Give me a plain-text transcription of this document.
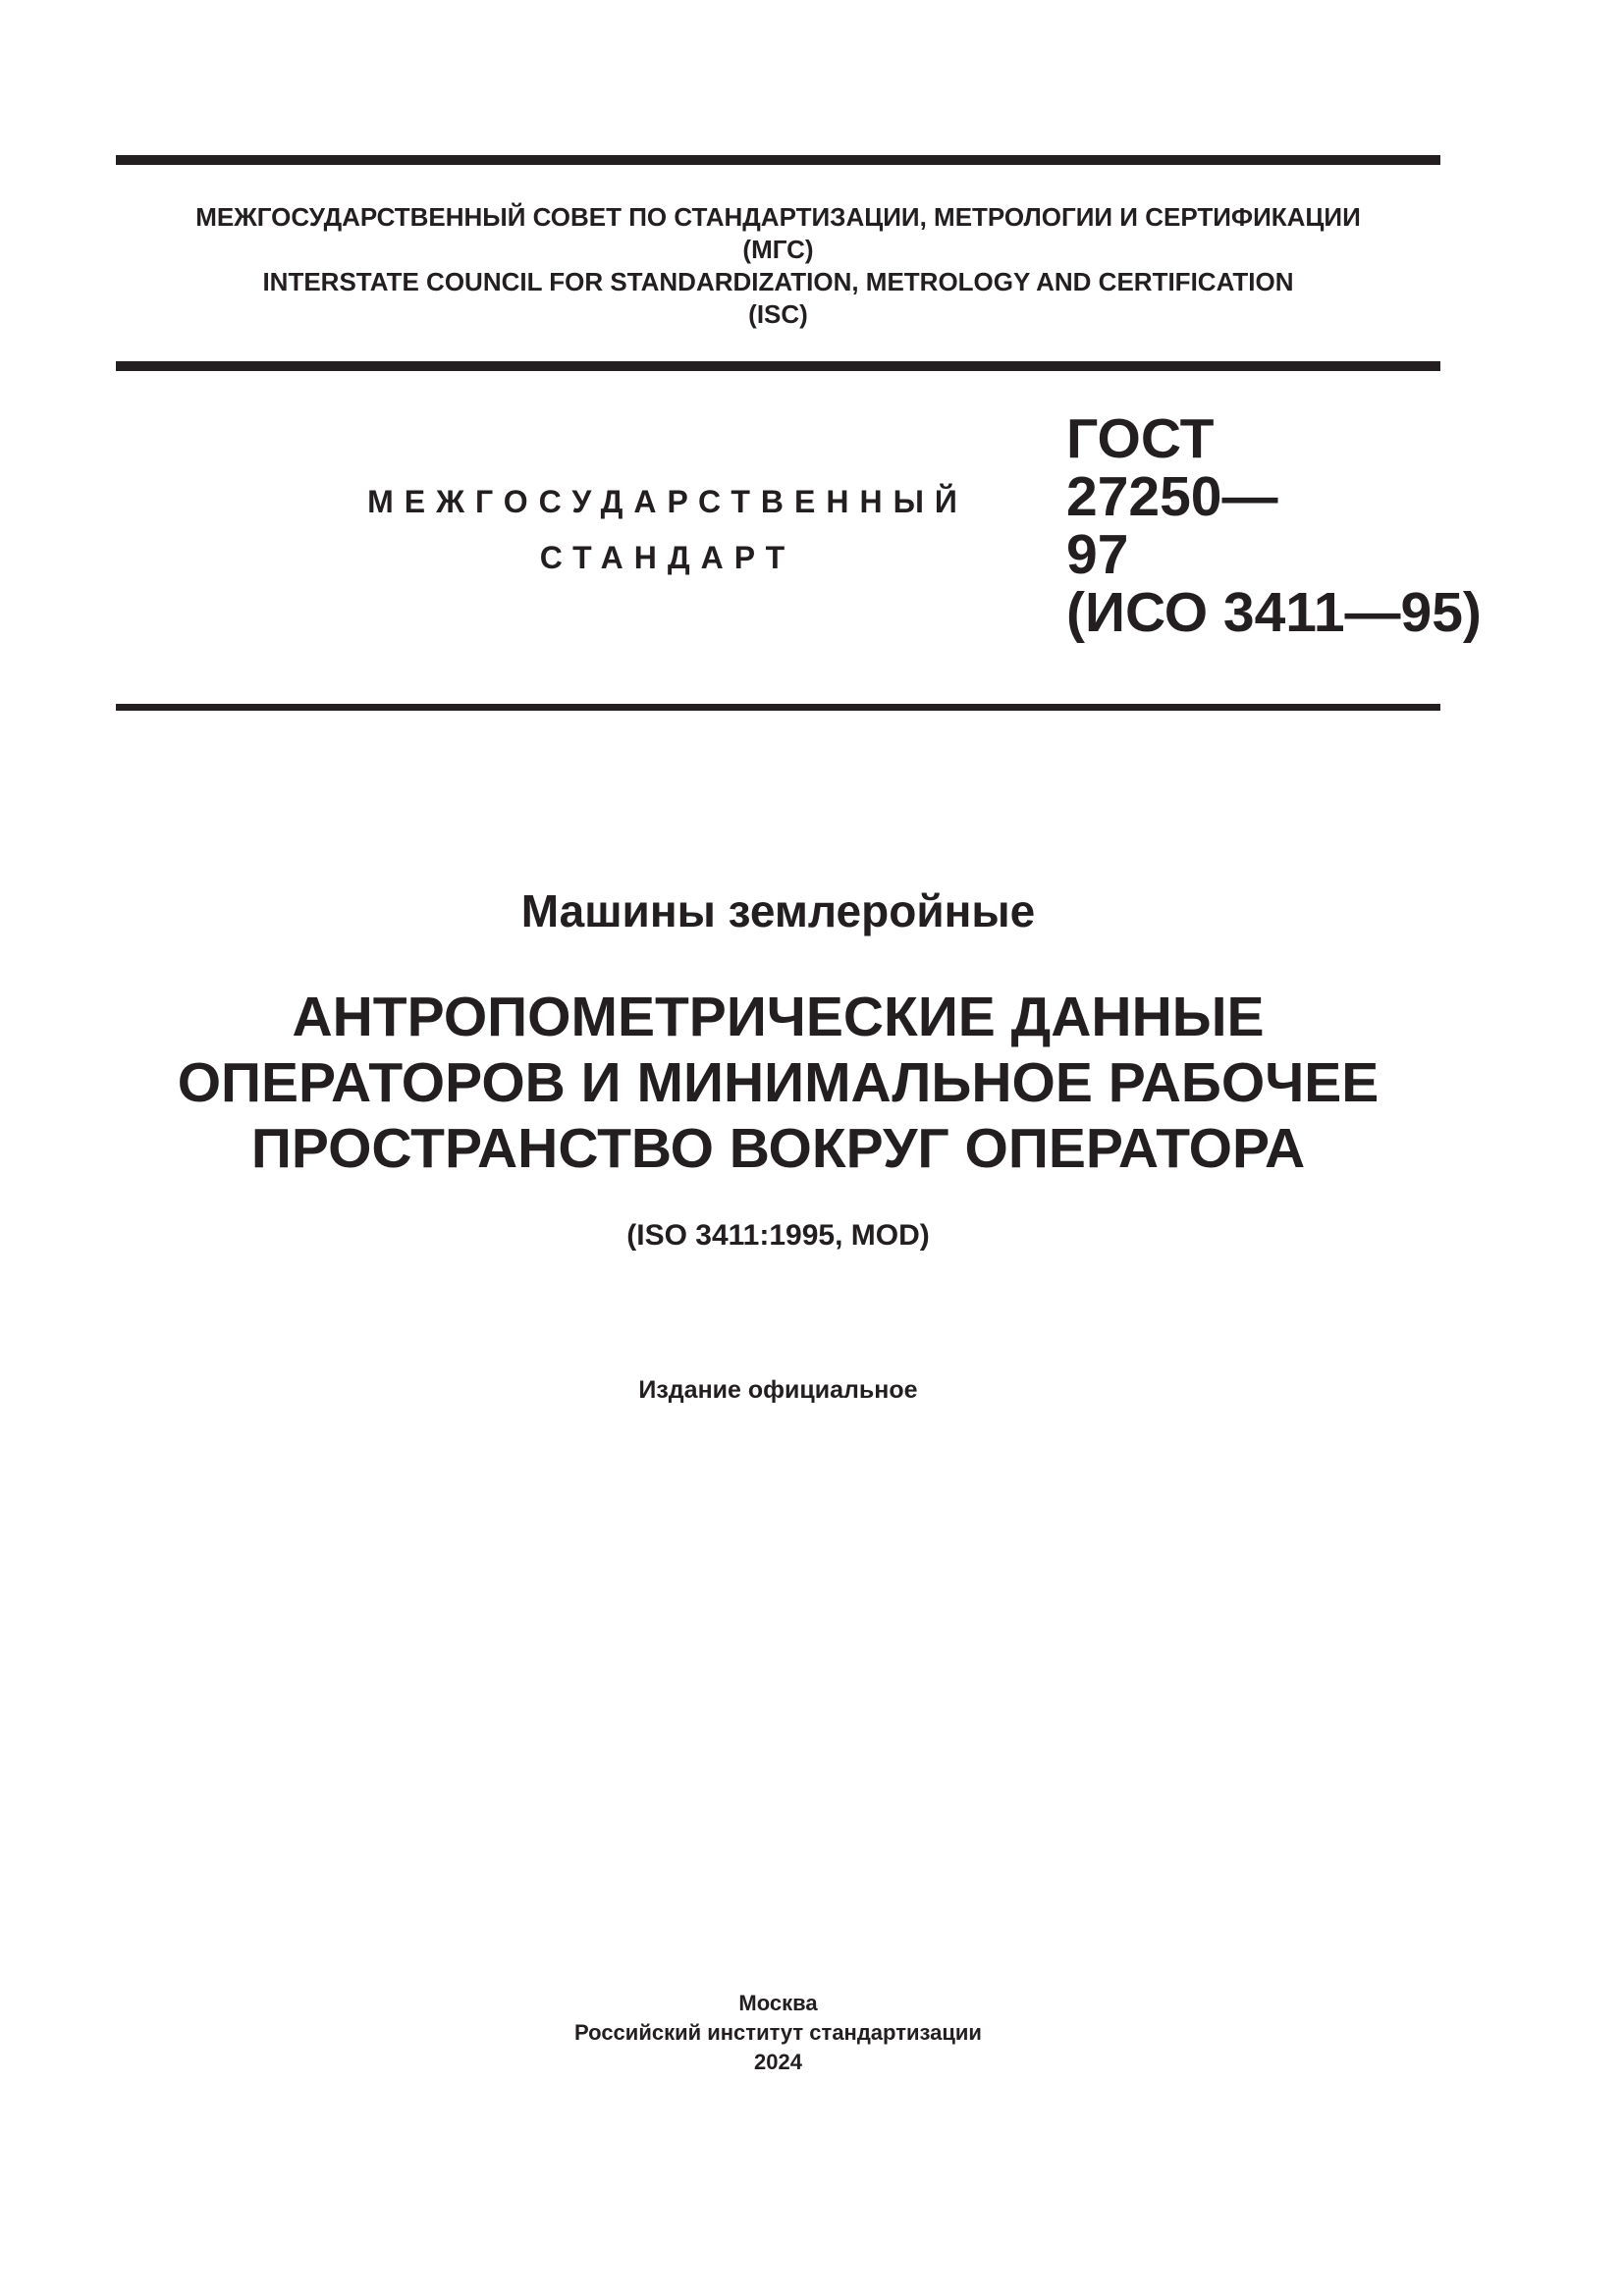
МЕЖГОСУДАРСТВЕННЫЙ СОВЕТ ПО СТАНДАРТИЗАЦИИ, МЕТРОЛОГИИ И СЕРТИФИКАЦИИ
(МГС)
INTERSTATE COUNCIL FOR STANDARDIZATION, METROLOGY AND CERTIFICATION
(ISC)
МЕЖГОСУДАРСТВЕННЫЙ
СТАНДАРТ
ГОСТ
27250—
97
(ИСО 3411—95)
Машины землеройные
АНТРОПОМЕТРИЧЕСКИЕ ДАННЫЕ
ОПЕРАТОРОВ И МИНИМАЛЬНОЕ РАБОЧЕЕ
ПРОСТРАНСТВО ВОКРУГ ОПЕРАТОРА
(ISO 3411:1995, MOD)
Издание официальное
Москва
Российский институт стандартизации
2024
